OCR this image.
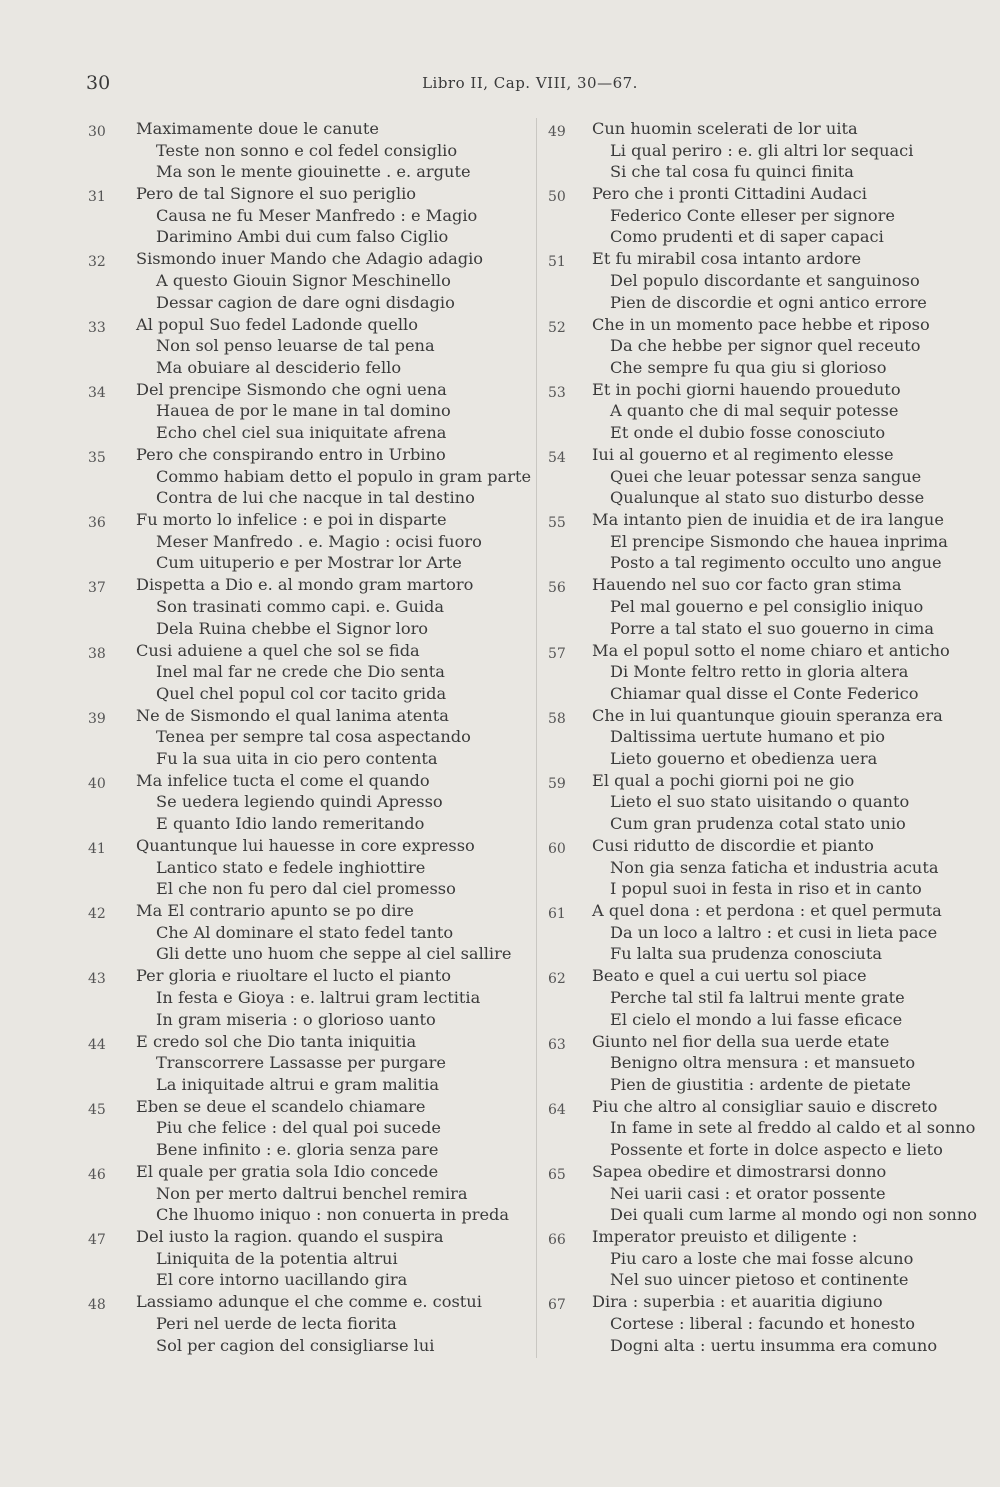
30	Libro II, Cap. VIII, 30—67.
30 Maximamente doue le canute
Teste non sonno e col fedel consiglio
Ma son le mente giouinette . e. argute
31 Pero de tal Signore el suo periglio
Causa ne fu Meser Manfredo : e Magio
Darimino Ambi dui cum falso Ciglio
32 Sismondo inuer Mando che Adagio adagio
A questo Giouin Signor Meschinello
Dessar cagion de dare ogni disdagio
33 Al popul Suo fedel Ladonde quello
Non sol penso leuarse de tal pena
Ma obuiare al desciderio fello
34 Del prencipe Sismondo che ogni uena
Hauea de por le mane in tal domino
Echo chel ciel sua iniquitate afrena
35 Pero che conspirando entro in Urbino
Commo habiam detto el populo in gram parte
Contra de lui che nacque in tal destino
36 Fu morto lo infelice : e poi in disparte
Meser Manfredo . e. Magio : ocisi fuoro
Cum uituperio e per Mostrar lor Arte
37 Dispetta a Dio e. al mondo gram martoro
Son trasinati commo capi. e. Guida
Dela Ruina chebbe el Signor loro
38 Cusi aduiene a quel che sol se fida
Inel mal far ne crede che Dio senta
Quel chel popul col cor tacito grida
39 Ne de Sismondo el qual lanima atenta
Tenea per sempre tal cosa aspectando
Fu la sua uita in cio pero contenta
40 Ma infelice tucta el come el quando
Se uedera legiendo quindi Apresso
E quanto Idio lando remeritando
41 Quantunque lui hauesse in core expresso
Lantico stato e fedele inghiottire
El che non fu pero dal ciel promesso
42 Ma El contrario apunto se po dire
Che Al dominare el stato fedel tanto
Gli dette uno huom che seppe al ciel sallire
43 Per gloria e riuoltare el lucto el pianto
In festa e Gioya : e. laltrui gram lectitia
In gram miseria : o glorioso uanto
44 E credo sol che Dio tanta iniquitia
Transcorrere Lassasse per purgare
La iniquitade altrui e gram malitia
45 Eben se deue el scandelo chiamare
Piu che felice : del qual poi sucede
Bene infinito : e. gloria senza pare
46 El quale per gratia sola Idio concede
Non per merto daltrui benchel remira
Che lhuomo iniquo : non conuerta in preda
47 Del iusto la ragion. quando el suspira
Liniquita de la potentia altrui
El core intorno uacillando gira
48 Lassiamo adunque el che comme e. costui
Peri nel uerde de lecta fiorita
Sol per cagion del consigliarse lui
49 Cun huomin scelerati de lor uita
Li qual periro : e. gli altri lor sequaci
Si che tal cosa fu quinci finita
50 Pero che i pronti Cittadini Audaci
Federico Conte elleser per signore
Como prudenti et di saper capaci
51 Et fu mirabil cosa intanto ardore
Del populo discordante et sanguinoso
Pien de discordie et ogni antico errore
52 Che in un momento pace hebbe et riposo
Da che hebbe per signor quel receuto
Che sempre fu qua giu si glorioso
53 Et in pochi giorni hauendo proueduto
A quanto che di mal sequir potesse
Et onde el dubio fosse conosciuto
54 Iui al gouerno et al regimento elesse
Quei che leuar potessar senza sangue
Qualunque al stato suo disturbo desse
55 Ma intanto pien de inuidia et de ira langue
El prencipe Sismondo che hauea inprima
Posto a tal regimento occulto uno angue
56 Hauendo nel suo cor facto gran stima
Pel mal gouerno e pel consiglio iniquo
Porre a tal stato el suo gouerno in cima
57 Ma el popul sotto el nome chiaro et anticho
Di Monte feltro retto in gloria altera
Chiamar qual disse el Conte Federico
58 Che in lui quantunque giouin speranza era
Daltissima uertute humano et pio
Lieto gouerno et obedienza uera
59 El qual a pochi giorni poi ne gio
Lieto el suo stato uisitando o quanto
Cum gran prudenza cotal stato unio
60 Cusi ridutto de discordie et pianto
Non gia senza faticha et industria acuta
I popul suoi in festa in riso et in canto
61 A quel dona : et perdona : et quel permuta
Da un loco a laltro : et cusi in lieta pace
Fu lalta sua prudenza conosciuta
62 Beato e quel a cui uertu sol piace
Perche tal stil fa laltrui mente grate
El cielo el mondo a lui fasse eficace
63 Giunto nel fior della sua uerde etate
Benigno oltra mensura : et mansueto
Pien de giustitia : ardente de pietate
64 Piu che altro al consigliar sauio e discreto
In fame in sete al freddo al caldo et al sonno
Possente et forte in dolce aspecto e lieto
65 Sapea obedire et dimostrarsi donno
Nei uarii casi : et orator possente
Dei quali cum larme al mondo ogi non sonno
66 Imperator preuisto et diligente :
Piu caro a loste che mai fosse alcuno
Nel suo uincer pietoso et continente
67 Dira : superbia : et auaritia digiuno
Cortese : liberal : facundo et honesto
Dogni alta : uertu insumma era comuno
